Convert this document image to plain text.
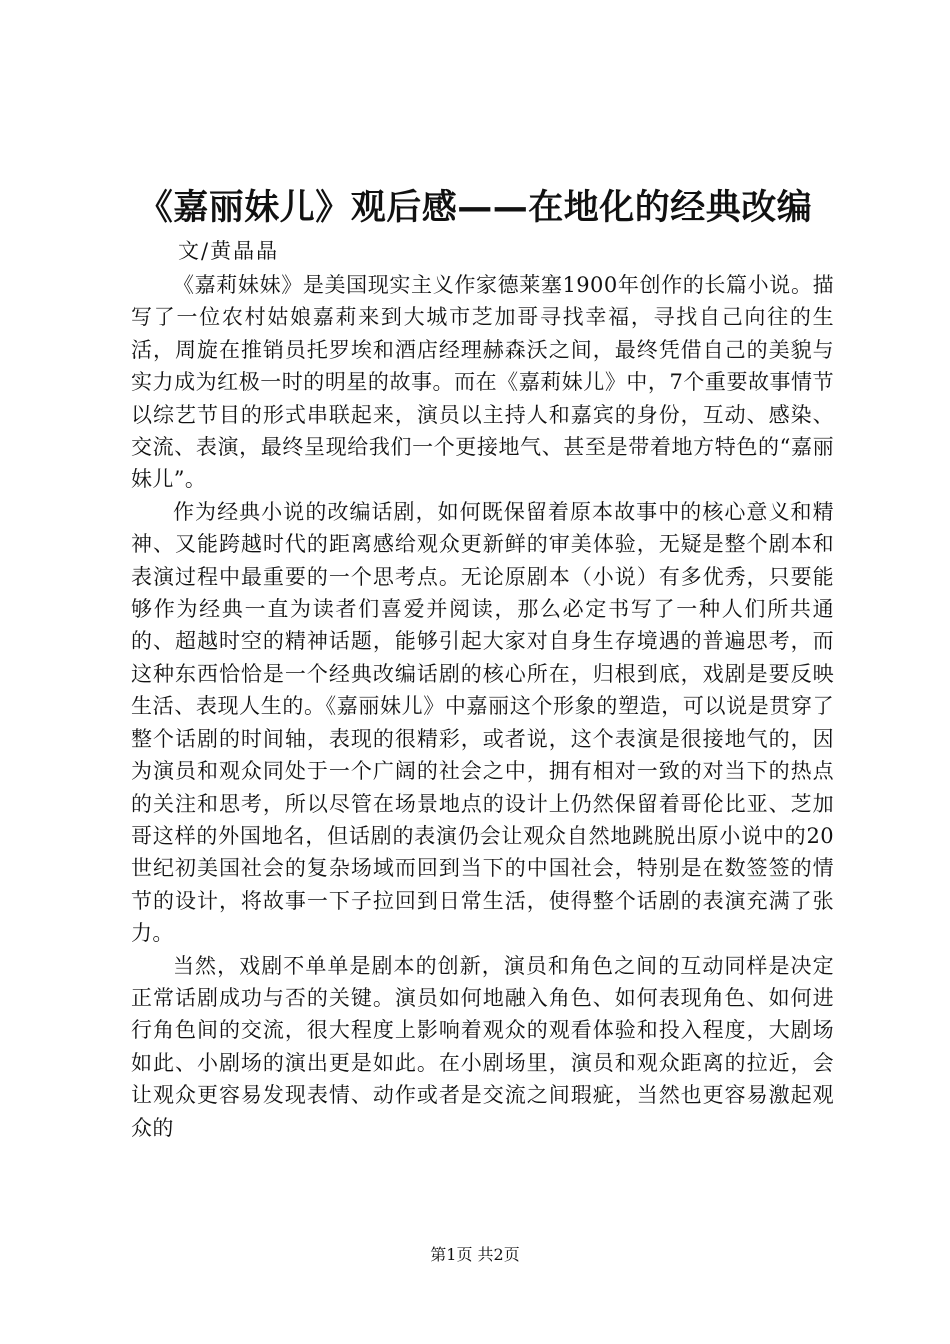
《嘉丽妹儿》观后感——在地化的经典改编

文/黄晶晶

《嘉莉妹妹》是美国现实主义作家德莱塞1900年创作的长篇小说。描写了一位农村姑娘嘉莉来到大城市芝加哥寻找幸福，寻找自己向往的生活，周旋在推销员托罗埃和酒店经理赫森沃之间，最终凭借自己的美貌与实力成为红极一时的明星的故事。而在《嘉莉妹儿》中，7个重要故事情节以综艺节目的形式串联起来，演员以主持人和嘉宾的身份，互动、感染、交流、表演，最终呈现给我们一个更接地气、甚至是带着地方特色的“嘉丽妹儿”。

作为经典小说的改编话剧，如何既保留着原本故事中的核心意义和精神、又能跨越时代的距离感给观众更新鲜的审美体验，无疑是整个剧本和表演过程中最重要的一个思考点。无论原剧本（小说）有多优秀，只要能够作为经典一直为读者们喜爱并阅读，那么必定书写了一种人们所共通的、超越时空的精神话题，能够引起大家对自身生存境遇的普遍思考，而这种东西恰恰是一个经典改编话剧的核心所在，归根到底，戏剧是要反映生活、表现人生的。《嘉丽妹儿》中嘉丽这个形象的塑造，可以说是贯穿了整个话剧的时间轴，表现的很精彩，或者说，这个表演是很接地气的，因为演员和观众同处于一个广阔的社会之中，拥有相对一致的对当下的热点的关注和思考，所以尽管在场景地点的设计上仍然保留着哥伦比亚、芝加哥这样的外国地名，但话剧的表演仍会让观众自然地跳脱出原小说中的20世纪初美国社会的复杂场域而回到当下的中国社会，特别是在数签签的情节的设计，将故事一下子拉回到日常生活，使得整个话剧的表演充满了张力。

当然，戏剧不单单是剧本的创新，演员和角色之间的互动同样是决定正常话剧成功与否的关键。演员如何地融入角色、如何表现角色、如何进行角色间的交流，很大程度上影响着观众的观看体验和投入程度，大剧场如此、小剧场的演出更是如此。在小剧场里，演员和观众距离的拉近，会让观众更容易发现表情、动作或者是交流之间瑕疵，当然也更容易激起观众的

第1页 共2页
